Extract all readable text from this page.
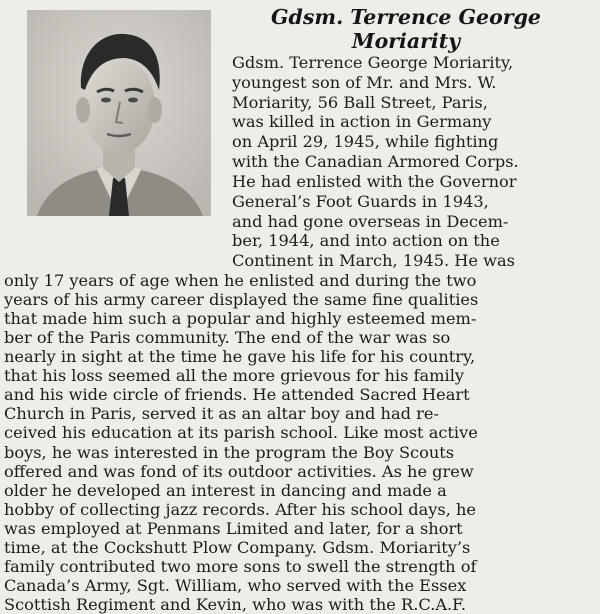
Gdsm. Terrence George
Moriarity
Gdsm. Terrence George Moriarity,
youngest son of Mr. and Mrs. W.
Moriarity, 56 Ball Street, Paris,
was killed in action in Germany
on April 29, 1945, while fighting
with the Canadian Armored Corps.
He had enlisted with the Governor
General’s Foot Guards in 1943,
and had gone overseas in Decem-
ber, 1944, and into action on the
Continent in March, 1945. He was
only 17 years of age when he enlisted and during the two
years of his army career displayed the same fine qualities
that made him such a popular and highly esteemed mem-
ber of the Paris community. The end of the war was so
nearly in sight at the time he gave his life for his country,
that his loss seemed all the more grievous for his family
and his wide circle of friends. He attended Sacred Heart
Church in Paris, served it as an altar boy and had re-
ceived his education at its parish school. Like most active
boys, he was interested in the program the Boy Scouts
offered and was fond of its outdoor activities. As he grew
older he developed an interest in dancing and made a
hobby of collecting jazz records. After his school days, he
was employed at Penmans Limited and later, for a short
time, at the Cockshutt Plow Company. Gdsm. Moriarity’s
family contributed two more sons to swell the strength of
Canada’s Army, Sgt. William, who served with the Essex
Scottish Regiment and Kevin, who was with the R.C.A.F.
